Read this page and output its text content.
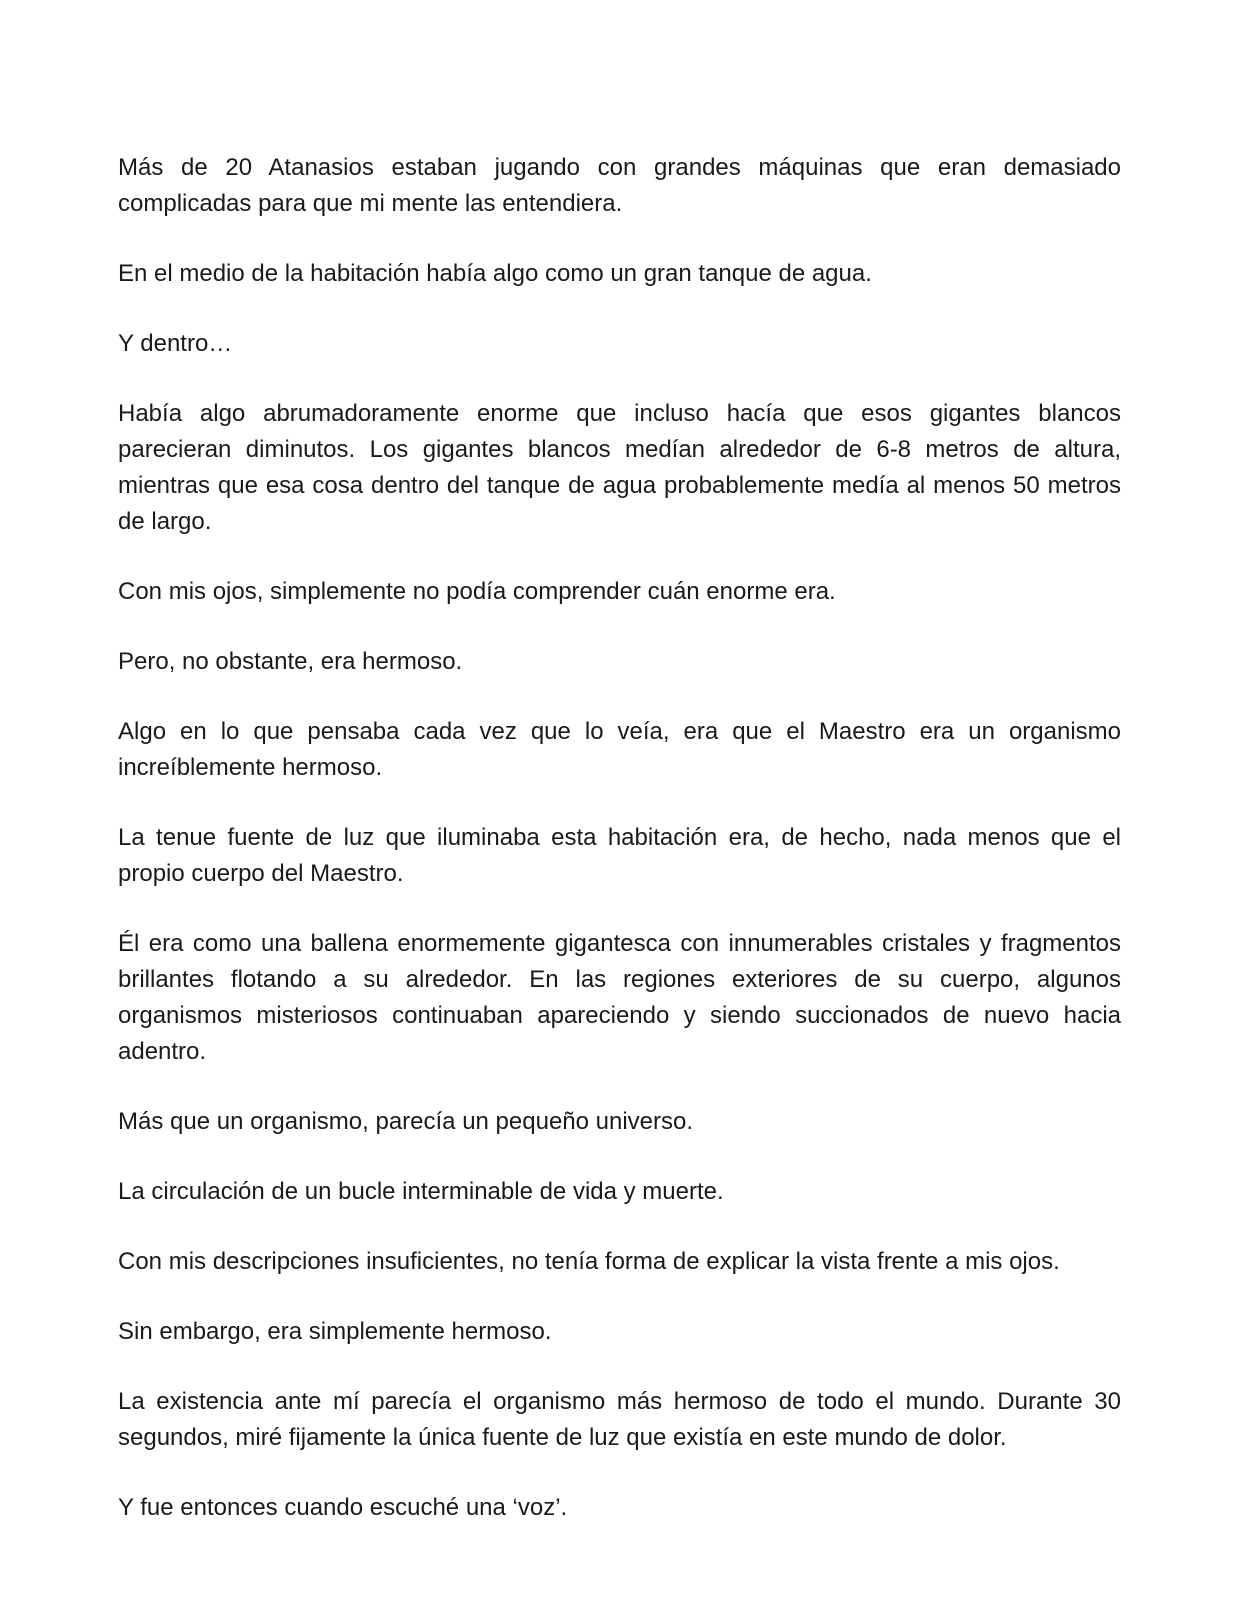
Más de 20 Atanasios estaban jugando con grandes máquinas que eran demasiado complicadas para que mi mente las entendiera.

En el medio de la habitación había algo como un gran tanque de agua.

Y dentro…

Había algo abrumadoramente enorme que incluso hacía que esos gigantes blancos parecieran diminutos. Los gigantes blancos medían alrededor de 6-8 metros de altura, mientras que esa cosa dentro del tanque de agua probablemente medía al menos 50 metros de largo.

Con mis ojos, simplemente no podía comprender cuán enorme era.

Pero, no obstante, era hermoso.

Algo en lo que pensaba cada vez que lo veía, era que el Maestro era un organismo increíblemente hermoso.

La tenue fuente de luz que iluminaba esta habitación era, de hecho, nada menos que el propio cuerpo del Maestro.

Él era como una ballena enormemente gigantesca con innumerables cristales y fragmentos brillantes flotando a su alrededor. En las regiones exteriores de su cuerpo, algunos organismos misteriosos continuaban apareciendo y siendo succionados de nuevo hacia adentro.

Más que un organismo, parecía un pequeño universo.

La circulación de un bucle interminable de vida y muerte.

Con mis descripciones insuficientes, no tenía forma de explicar la vista frente a mis ojos.

Sin embargo, era simplemente hermoso.

La existencia ante mí parecía el organismo más hermoso de todo el mundo. Durante 30 segundos, miré fijamente la única fuente de luz que existía en este mundo de dolor.

Y fue entonces cuando escuché una ‘voz’.
